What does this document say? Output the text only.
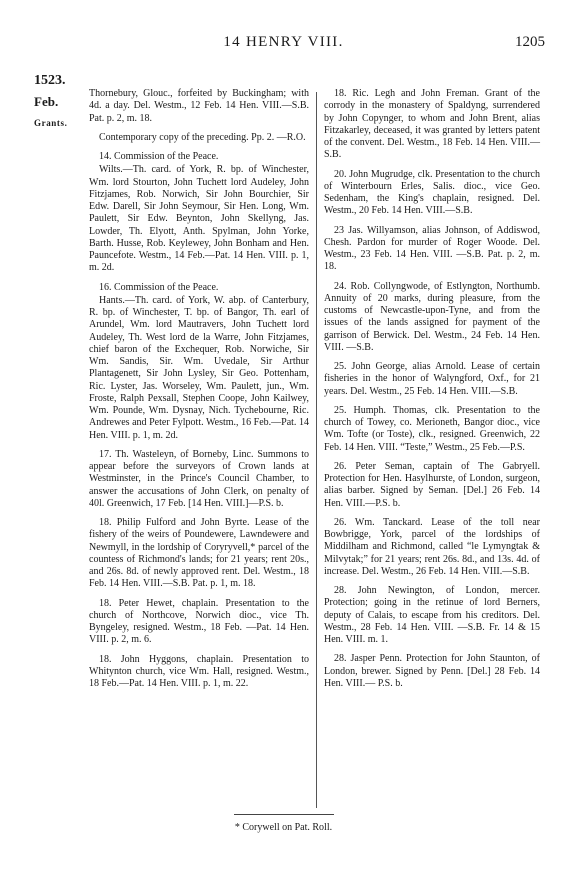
14 HENRY VIII.	1205
1523.
Feb.
Grants.

Thornebury, Glouc., forfeited by Buckingham; with 4d. a day. Del. Westm., 12 Feb. 14 Hen. VIII.—S.B. Pat. p. 2, m. 18.

Contemporary copy of the preceding. Pp. 2. —R.O.

14. Commission of the Peace.

Wilts.—Th. card. of York, R. bp. of Winchester, Wm. lord Stourton, John Tuchett lord Audeley, John Fitzjames, Rob. Norwich, Sir John Bourchier, Sir Edw. Darell, Sir John Seymour, Sir Hen. Long, Wm. Paulett, Sir Edw. Beynton, John Skellyng, Jas. Lowder, Th. Elyott, Anth. Spylman, John Yorke, Barth. Husse, Rob. Keylewey, John Bonham and Hen. Pauncefote. Westm., 14 Feb.—Pat. 14 Hen. VIII. p. 1, m. 2d.

16. Commission of the Peace.

Hants.—Th. card. of York, W. abp. of Canterbury, R. bp. of Winchester, T. bp. of Bangor, Th. earl of Arundel, Wm. lord Mautravers, John Tuchett lord Audeley, Th. West lord de la Warre, John Fitzjames, chief baron of the Exchequer, Rob. Norwiche, Sir Wm. Sandis, Sir. Wm. Uvedale, Sir Arthur Plantagenett, Sir John Lysley, Sir Geo. Pottenham, Ric. Lyster, Jas. Worseley, Wm. Paulett, jun., Wm. Froste, Ralph Pexsall, Stephen Coope, John Kailwey, Wm. Pounde, Wm. Dysnay, Nich. Tychebourne, Ric. Andrewes and Peter Fylpott. Westm., 16 Feb.—Pat. 14 Hen. VIII. p. 1, m. 2d.

17. Th. Wasteleyn, of Borneby, Linc. Summons to appear before the surveyors of Crown lands at Westminster, in the Prince's Council Chamber, to answer the accusations of John Clerk, on penalty of 40l. Greenwich, 17 Feb. [14 Hen. VIII.]—P.S. b.

18. Philip Fulford and John Byrte. Lease of the fishery of the weirs of Poundewere, Lawndewere and Newmyll, in the lordship of Coryryvell,* parcel of the countess of Richmond's lands; for 21 years; rent 20s., and 26s. 8d. of newly approved rent. Del. Westm., 18 Feb. 14 Hen. VIII.—S.B. Pat. p. 1, m. 18.

18. Peter Hewet, chaplain. Presentation to the church of Northcove, Norwich dioc., vice Th. Byngeley, resigned. Westm., 18 Feb. —Pat. 14 Hen. VIII. p. 2, m. 6.

18. John Hyggons, chaplain. Presentation to Whitynton church, vice Wm. Hall, resigned. Westm., 18 Feb.—Pat. 14 Hen. VIII. p. 1, m. 22.

18. Ric. Legh and John Freman. Grant of the corrody in the monastery of Spaldyng, surrendered by John Copynger, to whom and John Brent, alias Fitzakarley, deceased, it was granted by letters patent of the convent. Del. Westm., 18 Feb. 14 Hen. VIII.—S.B.

20. John Mugrudge, clk. Presentation to the church of Winterbourn Erles, Salis. dioc., vice Geo. Sedenham, the King's chaplain, resigned. Del. Westm., 20 Feb. 14 Hen. VIII.—S.B.

23 Jas. Willyamson, alias Johnson, of Addiswod, Chesh. Pardon for murder of Roger Woode. Del. Westm., 23 Feb. 14 Hen. VIII. —S.B. Pat. p. 2, m. 18.

24. Rob. Collyngwode, of Estlyngton, Northumb. Annuity of 20 marks, during pleasure, from the customs of Newcastle-upon-Tyne, and from the issues of the lands assigned for payment of the garrison of Berwick. Del. Westm., 24 Feb. 14 Hen. VIII. —S.B.

25. John George, alias Arnold. Lease of certain fisheries in the honor of Walyngford, Oxf., for 21 years. Del. Westm., 25 Feb. 14 Hen. VIII.—S.B.

25. Humph. Thomas, clk. Presentation to the church of Towey, co. Merioneth, Bangor dioc., vice Wm. Tofte (or Toste), clk., resigned. Greenwich, 22 Feb. 14 Hen. VIII. “Teste,” Westm., 25 Feb.—P.S.

26. Peter Seman, captain of The Gabryell. Protection for Hen. Hasylhurste, of London, surgeon, alias barber. Signed by Seman. [Del.] 26 Feb. 14 Hen. VIII.—P.S. b.

26. Wm. Tanckard. Lease of the toll near Bowbrigge, York, parcel of the lordships of Middilham and Richmond, called “le Lymyngtak & Milvytak;” for 21 years; rent 26s. 8d., and 13s. 4d. of increase. Del. Westm., 26 Feb. 14 Hen. VIII.—S.B.

28. John Newington, of London, mercer. Protection; going in the retinue of lord Berners, deputy of Calais, to escape from his creditors. Del. Westm., 28 Feb. 14 Hen. VIII. —S.B. Fr. 14 & 15 Hen. VIII. m. 1.

28. Jasper Penn. Protection for John Staunton, of London, brewer. Signed by Penn. [Del.] 28 Feb. 14 Hen. VIII.— P.S. b.

* Corywell on Pat. Roll.
